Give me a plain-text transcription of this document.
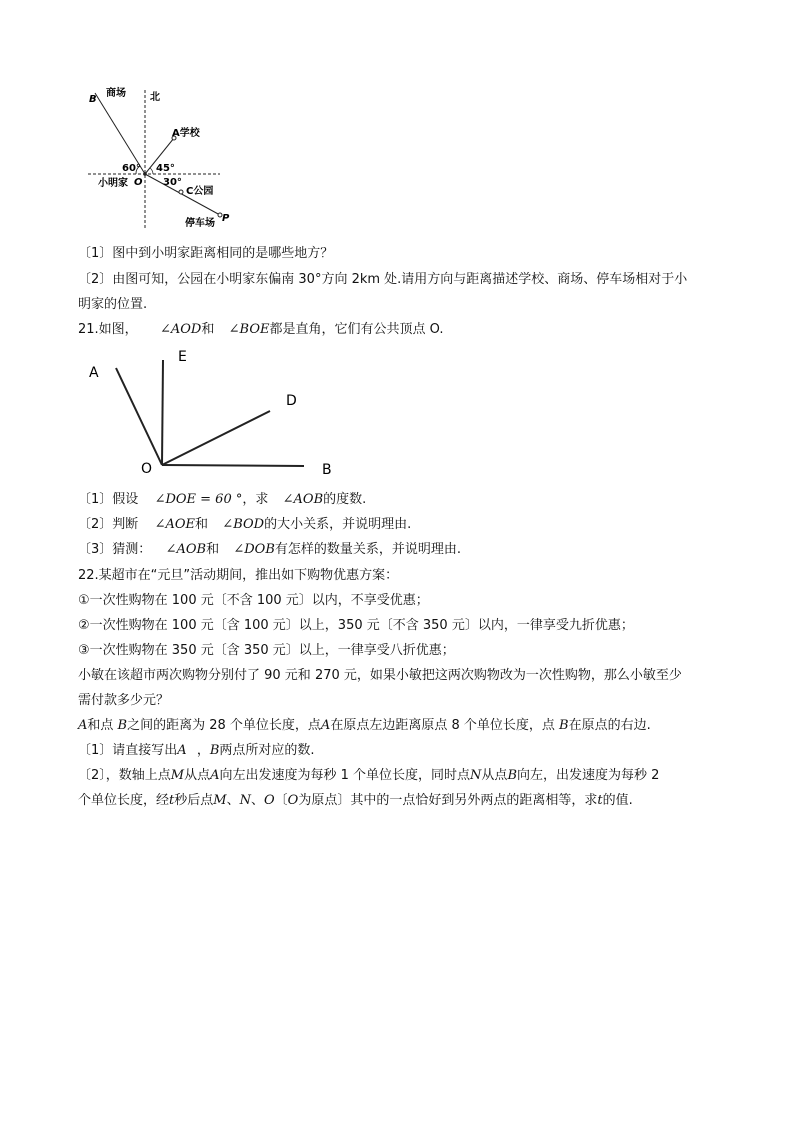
B
商场 北
A学校
60° 45°
O
小明家	30°
C公园
停车场 P
〔1〕图中到小明家距离相同的是哪些地方？
〔2〕由图可知，公园在小明家东偏南 30°方向 2km 处.请用方向与距离描述学校、商场、停车场相对于小
明家的位置.
21.如图， ∠AOD和 ∠BOE都是直角，它们有公共顶点 O.
A
E
D
O	B
〔1〕假设 ∠DOE = 60 °，求 ∠AOB的度数.
〔2〕判断 ∠AOE和 ∠BOD的大小关系，并说明理由.
〔3〕猜测： ∠AOB和 ∠DOB有怎样的数量关系，并说明理由.
22.某超市在“元旦”活动期间，推出如下购物优惠方案：
①一次性购物在 100 元〔不含 100 元〕以内，不享受优惠；
②一次性购物在 100 元〔含 100 元〕以上，350 元〔不含 350 元〕以内，一律享受九折优惠；
③一次性购物在 350 元〔含 350 元〕以上，一律享受八折优惠；
小敏在该超市两次购物分别付了 90 元和 270 元，如果小敏把这两次购物改为一次性购物，那么小敏至少
需付款多少元？
A和点 B之间的距离为 28 个单位长度，点A在原点左边距离原点 8 个单位长度，点 B在原点的右边.
〔1〕请直接写出A ，B两点所对应的数.
〔2〕，数轴上点M从点A向左出发速度为每秒 1 个单位长度，同时点N从点B向左，出发速度为每秒 2
个单位长度，经t秒后点M、N、O〔O为原点〕其中的一点恰好到另外两点的距离相等，求t的值.
